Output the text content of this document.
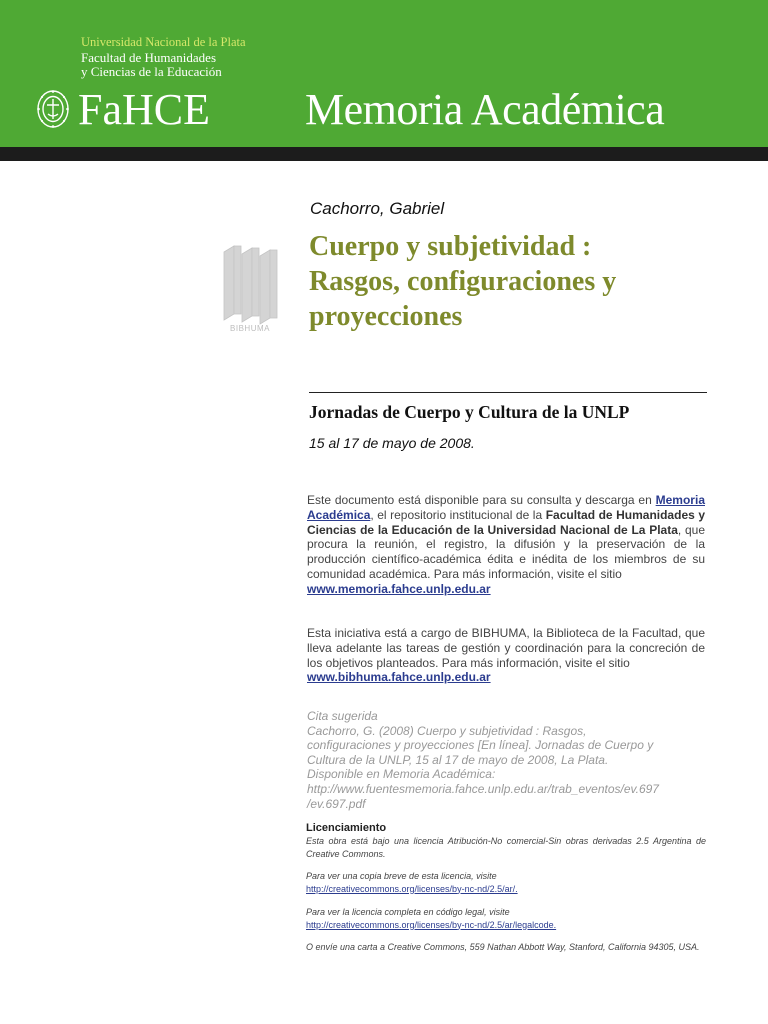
Universidad Nacional de la Plata
Facultad de Humanidades
y Ciencias de la Educación
FaHCE Memoria Académica
BIBHUMA
Cachorro, Gabriel
Cuerpo y subjetividad :
Rasgos, configuraciones y
proyecciones
Jornadas de Cuerpo y Cultura de la UNLP
15 al 17 de mayo de 2008.
Este documento está disponible para su consulta y descarga en Memoria Académica, el repositorio institucional de la Facultad de Humanidades y Ciencias de la Educación de la Universidad Nacional de La Plata, que procura la reunión, el registro, la difusión y la preservación de la producción científico-académica édita e inédita de los miembros de su comunidad académica. Para más información, visite el sitio
www.memoria.fahce.unlp.edu.ar
Esta iniciativa está a cargo de BIBHUMA, la Biblioteca de la Facultad, que lleva adelante las tareas de gestión y coordinación para la concreción de los objetivos planteados. Para más información, visite el sitio
www.bibhuma.fahce.unlp.edu.ar
Cita sugerida
Cachorro, G. (2008) Cuerpo y subjetividad : Rasgos,
configuraciones y proyecciones [En línea]. Jornadas de Cuerpo y
Cultura de la UNLP, 15 al 17 de mayo de 2008, La Plata.
Disponible en Memoria Académica:
http://www.fuentesmemoria.fahce.unlp.edu.ar/trab_eventos/ev.697
/ev.697.pdf
Licenciamiento
Esta obra está bajo una licencia Atribución-No comercial-Sin obras derivadas 2.5 Argentina de Creative Commons.
Para ver una copia breve de esta licencia, visite
http://creativecommons.org/licenses/by-nc-nd/2.5/ar/.
Para ver la licencia completa en código legal, visite
http://creativecommons.org/licenses/by-nc-nd/2.5/ar/legalcode.
O envíe una carta a Creative Commons, 559 Nathan Abbott Way, Stanford, California 94305, USA.
